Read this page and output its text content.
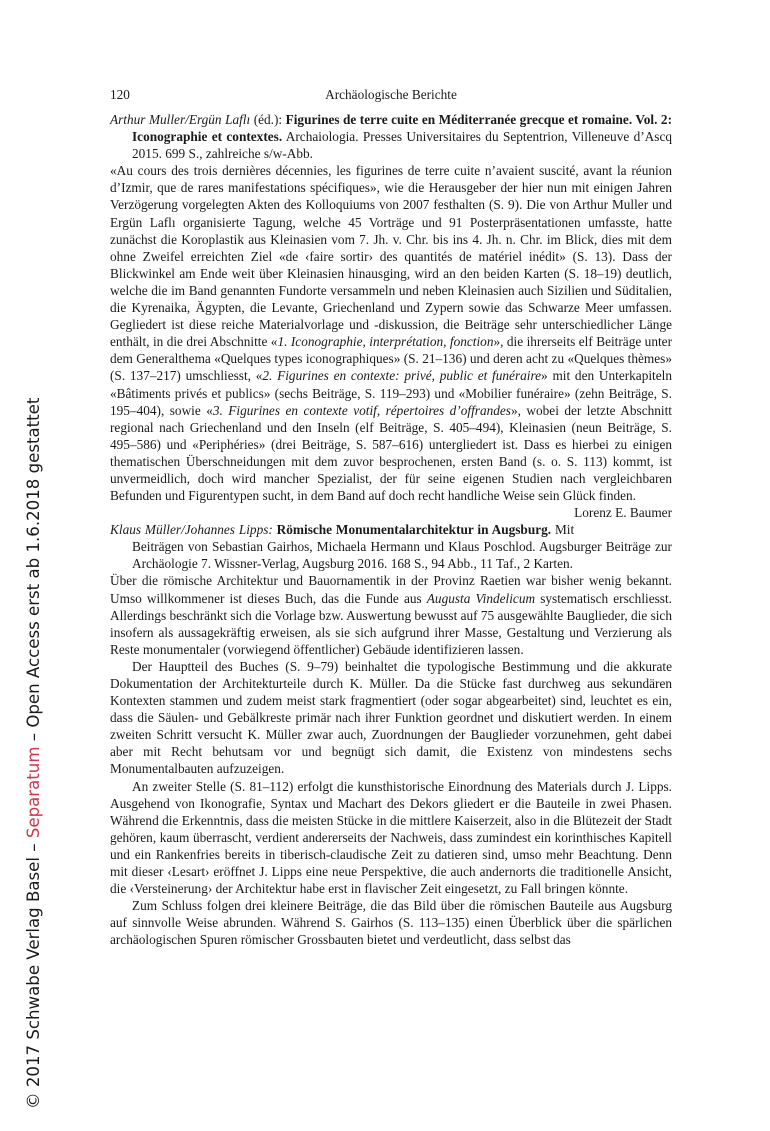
© 2017 Schwabe Verlag Basel – Separatum – Open Access erst ab 1.6.2018 gestattet
120	Archäologische Berichte
Arthur Muller/Ergün Laflı (éd.): Figurines de terre cuite en Méditerranée grecque et romaine. Vol. 2: Iconographie et contextes. Archaiologia. Presses Universitaires du Septentrion, Villeneuve d’Ascq 2015. 699 S., zahlreiche s/w-Abb.

«Au cours des trois dernières décennies, les figurines de terre cuite n’avaient suscité, avant la réunion d’Izmir, que de rares manifestations spécifiques», wie die Herausgeber der hier nun mit einigen Jahren Verzögerung vorgelegten Akten des Kolloquiums von 2007 festhalten (S. 9). Die von Arthur Muller und Ergün Laflı organisierte Tagung, welche 45 Vorträge und 91 Posterpräsentationen umfasste, hatte zunächst die Koroplastik aus Kleinasien vom 7. Jh. v. Chr. bis ins 4. Jh. n. Chr. im Blick, dies mit dem ohne Zweifel erreichten Ziel «de ‹faire sortir› des quantités de matériel inédit» (S. 13). Dass der Blickwinkel am Ende weit über Kleinasien hinausging, wird an den beiden Karten (S. 18–19) deutlich, welche die im Band genannten Fundorte versammeln und neben Kleinasien auch Sizilien und Süditalien, die Kyrenaika, Ägypten, die Levante, Griechenland und Zypern sowie das Schwarze Meer umfassen. Gegliedert ist diese reiche Materialvorlage und -diskussion, die Beiträge sehr unterschiedlicher Länge enthält, in die drei Abschnitte «1. Iconographie, interprétation, fonction», die ihrerseits elf Beiträge unter dem Generalthema «Quelques types iconographiques» (S. 21–136) und deren acht zu «Quelques thèmes» (S. 137–217) umschliesst, «2. Figurines en contexte: privé, public et funéraire» mit den Unterkapiteln «Bâtiments privés et publics» (sechs Beiträge, S. 119–293) und «Mobilier funéraire» (zehn Beiträge, S. 195–404), sowie «3. Figurines en contexte votif, répertoires d’offrandes», wobei der letzte Abschnitt regional nach Griechenland und den Inseln (elf Beiträge, S. 405–494), Kleinasien (neun Beiträge, S. 495–586) und «Periphéries» (drei Beiträge, S. 587–616) untergliedert ist. Dass es hierbei zu einigen thematischen Überschneidungen mit dem zuvor besprochenen, ersten Band (s. o. S. 113) kommt, ist unvermeidlich, doch wird mancher Spezialist, der für seine eigenen Studien nach vergleichbaren Befunden und Figurentypen sucht, in dem Band auf doch recht handliche Weise sein Glück finden.
Lorenz E. Baumer

Klaus Müller/Johannes Lipps: Römische Monumentalarchitektur in Augsburg. Mit Beiträgen von Sebastian Gairhos, Michaela Hermann und Klaus Poschlod. Augsburger Beiträge zur Archäologie 7. Wissner-Verlag, Augsburg 2016. 168 S., 94 Abb., 11 Taf., 2 Karten.

Über die römische Architektur und Bauornamentik in der Provinz Raetien war bisher wenig bekannt. Umso willkommener ist dieses Buch, das die Funde aus Augusta Vindelicum systematisch erschliesst. Allerdings beschränkt sich die Vorlage bzw. Auswertung bewusst auf 75 ausgewählte Bauglieder, die sich insofern als aussagekräftig erweisen, als sie sich aufgrund ihrer Masse, Gestaltung und Verzierung als Reste monumentaler (vorwiegend öffentlicher) Gebäude identifizieren lassen.

Der Hauptteil des Buches (S. 9–79) beinhaltet die typologische Bestimmung und die akkurate Dokumentation der Architekturteile durch K. Müller. Da die Stücke fast durchweg aus sekundären Kontexten stammen und zudem meist stark fragmentiert (oder sogar abgearbeitet) sind, leuchtet es ein, dass die Säulen- und Gebälkreste primär nach ihrer Funktion geordnet und diskutiert werden. In einem zweiten Schritt versucht K. Müller zwar auch, Zuordnungen der Bauglieder vorzunehmen, geht dabei aber mit Recht behutsam vor und begnügt sich damit, die Existenz von mindestens sechs Monumentalbauten aufzuzeigen.

An zweiter Stelle (S. 81–112) erfolgt die kunsthistorische Einordnung des Materials durch J. Lipps. Ausgehend von Ikonografie, Syntax und Machart des Dekors gliedert er die Bauteile in zwei Phasen. Während die Erkenntnis, dass die meisten Stücke in die mittlere Kaiserzeit, also in die Blütezeit der Stadt gehören, kaum überrascht, verdient andererseits der Nachweis, dass zumindest ein korinthisches Kapitell und ein Rankenfries bereits in tiberisch-claudische Zeit zu datieren sind, umso mehr Beachtung. Denn mit dieser ‹Lesart› eröffnet J. Lipps eine neue Perspektive, die auch andernorts die traditionelle Ansicht, die ‹Versteinerung› der Architektur habe erst in flavischer Zeit eingesetzt, zu Fall bringen könnte.

Zum Schluss folgen drei kleinere Beiträge, die das Bild über die römischen Bauteile aus Augsburg auf sinnvolle Weise abrunden. Während S. Gairhos (S. 113–135) einen Überblick über die spärlichen archäologischen Spuren römischer Grossbauten bietet und verdeutlicht, dass selbst das
